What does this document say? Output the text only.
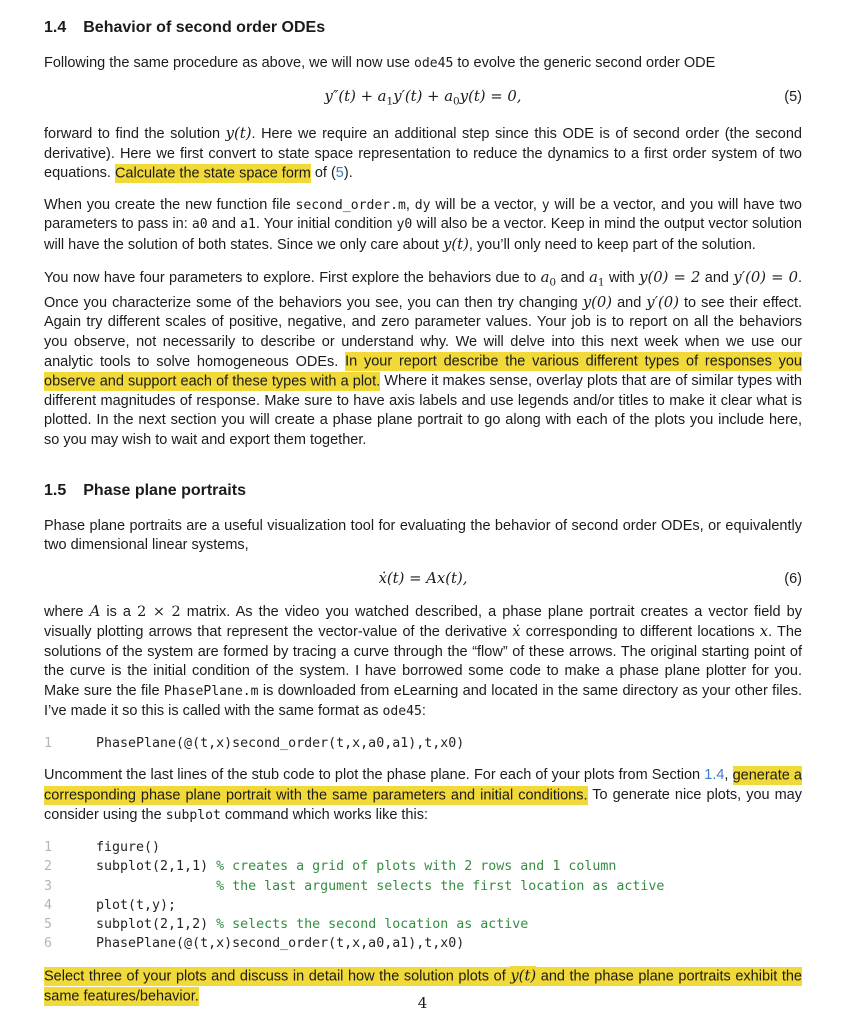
1.4 Behavior of second order ODEs
Following the same procedure as above, we will now use ode45 to evolve the generic second order ODE
$y''(t) + a_1y'(t) + a_0y(t) = 0$,	(5)
forward to find the solution y(t). Here we require an additional step since this ODE is of second order (the second derivative). Here we first convert to state space representation to reduce the dynamics to a first order system of two equations. Calculate the state space form of (5).
When you create the new function file second_order.m, dy will be a vector, y will be a vector, and you will have two parameters to pass in: a0 and a1. Your initial condition y0 will also be a vector. Keep in mind the output vector solution will have the solution of both states. Since we only care about y(t), you’ll only need to keep part of the solution.
You now have four parameters to explore. First explore the behaviors due to $a_0$ and $a_1$ with y(0) = 2 and y′(0) = 0. Once you characterize some of the behaviors you see, you can then try changing y(0) and y′(0) to see their effect. Again try different scales of positive, negative, and zero parameter values. Your job is to report on all the behaviors you observe, not necessarily to describe or understand why. We will delve into this next week when we use our analytic tools to solve homogeneous ODEs. In your report describe the various different types of responses you observe and support each of these types with a plot. Where it makes sense, overlay plots that are of similar types with different magnitudes of response. Make sure to have axis labels and use legends and/or titles to make it clear what is plotted. In the next section you will create a phase plane portrait to go along with each of the plots you include here, so you may wish to wait and export them together.
1.5 Phase plane portraits
Phase plane portraits are a useful visualization tool for evaluating the behavior of second order ODEs, or equivalently two dimensional linear systems,
ẋ(t) = Ax(t),	(6)
where A is a 2 × 2 matrix. As the video you watched described, a phase plane portrait creates a vector field by visually plotting arrows that represent the vector-value of the derivative ẋ corresponding to different locations x. The solutions of the system are formed by tracing a curve through the “flow” of these arrows. The original starting point of the curve is the initial condition of the system. I have borrowed some code to make a phase plane plotter for you. Make sure the file PhasePlane.m is downloaded from eLearning and located in the same directory as your other files. I’ve made it so this is called with the same format as ode45:
1	PhasePlane(@(t,x)second_order(t,x,a0,a1),t,x0)
Uncomment the last lines of the stub code to plot the phase plane. For each of your plots from Section 1.4, generate a corresponding phase plane portrait with the same parameters and initial conditions. To generate nice plots, you may consider using the subplot command which works like this:
1	figure()
2	subplot(2,1,1) % creates a grid of plots with 2 rows and 1 column
3	% the last argument selects the first location as active
4	plot(t,y);
5	subplot(2,1,2) % selects the second location as active
6	PhasePlane(@(t,x)second_order(t,x,a0,a1),t,x0)
Select three of your plots and discuss in detail how the solution plots of y(t) and the phase plane portraits exhibit the same features/behavior.	4
